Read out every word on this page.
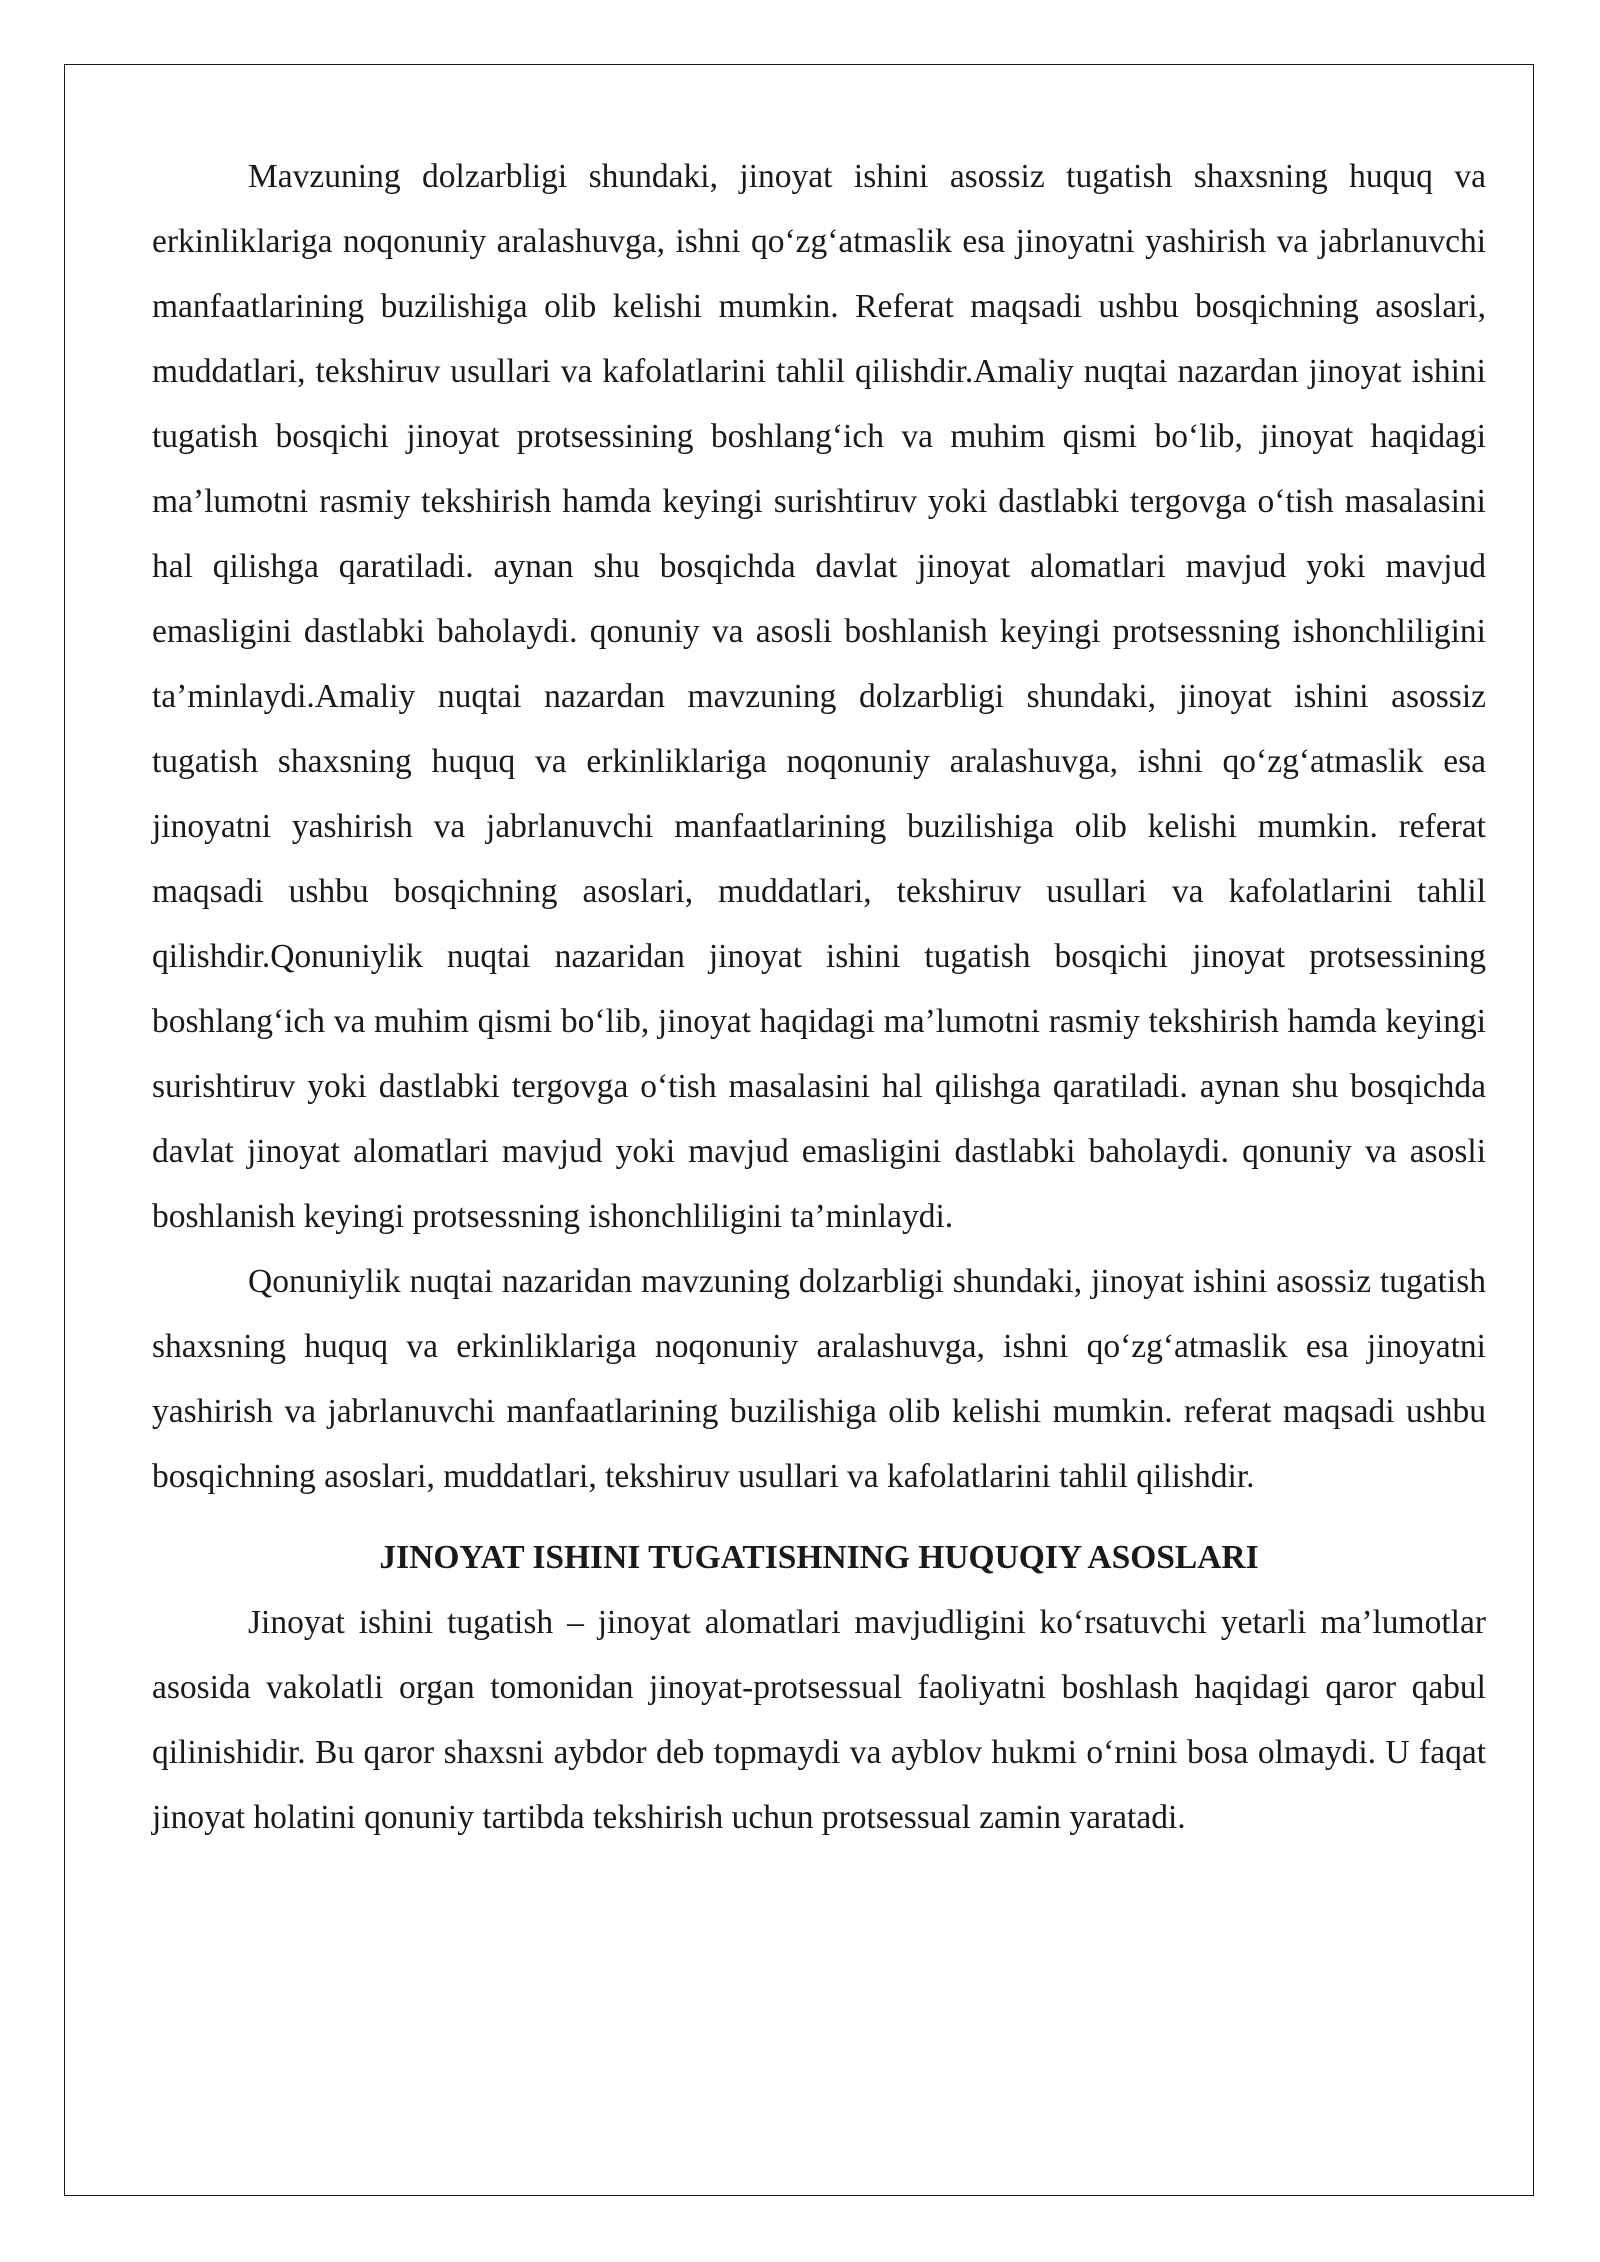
Mavzuning dolzarbligi shundaki, jinoyat ishini asossiz tugatish shaxsning huquq va erkinliklariga noqonuniy aralashuvga, ishni qo‘zg‘atmaslik esa jinoyatni yashirish va jabrlanuvchi manfaatlarining buzilishiga olib kelishi mumkin. Referat maqsadi ushbu bosqichning asoslari, muddatlari, tekshiruv usullari va kafolatlarini tahlil qilishdir.Amaliy nuqtai nazardan jinoyat ishini tugatish bosqichi jinoyat protsessining boshlang‘ich va muhim qismi bo‘lib, jinoyat haqidagi ma’lumotni rasmiy tekshirish hamda keyingi surishtiruv yoki dastlabki tergovga o‘tish masalasini hal qilishga qaratiladi. aynan shu bosqichda davlat jinoyat alomatlari mavjud yoki mavjud emasligini dastlabki baholaydi. qonuniy va asosli boshlanish keyingi protsessning ishonchliligini ta’minlaydi.Amaliy nuqtai nazardan mavzuning dolzarbligi shundaki, jinoyat ishini asossiz tugatish shaxsning huquq va erkinliklariga noqonuniy aralashuvga, ishni qo‘zg‘atmaslik esa jinoyatni yashirish va jabrlanuvchi manfaatlarining buzilishiga olib kelishi mumkin. referat maqsadi ushbu bosqichning asoslari, muddatlari, tekshiruv usullari va kafolatlarini tahlil qilishdir.Qonuniylik nuqtai nazaridan jinoyat ishini tugatish bosqichi jinoyat protsessining boshlang‘ich va muhim qismi bo‘lib, jinoyat haqidagi ma’lumotni rasmiy tekshirish hamda keyingi surishtiruv yoki dastlabki tergovga o‘tish masalasini hal qilishga qaratiladi. aynan shu bosqichda davlat jinoyat alomatlari mavjud yoki mavjud emasligini dastlabki baholaydi. qonuniy va asosli boshlanish keyingi protsessning ishonchliligini ta’minlaydi.

Qonuniylik nuqtai nazaridan mavzuning dolzarbligi shundaki, jinoyat ishini asossiz tugatish shaxsning huquq va erkinliklariga noqonuniy aralashuvga, ishni qo‘zg‘atmaslik esa jinoyatni yashirish va jabrlanuvchi manfaatlarining buzilishiga olib kelishi mumkin. referat maqsadi ushbu bosqichning asoslari, muddatlari, tekshiruv usullari va kafolatlarini tahlil qilishdir.

JINOYAT ISHINI TUGATISHNING HUQUQIY ASOSLARI

Jinoyat ishini tugatish – jinoyat alomatlari mavjudligini ko‘rsatuvchi yetarli ma’lumotlar asosida vakolatli organ tomonidan jinoyat-protsessual faoliyatni boshlash haqidagi qaror qabul qilinishidir. Bu qaror shaxsni aybdor deb topmaydi va ayblov hukmi o‘rnini bosa olmaydi. U faqat jinoyat holatini qonuniy tartibda tekshirish uchun protsessual zamin yaratadi.
